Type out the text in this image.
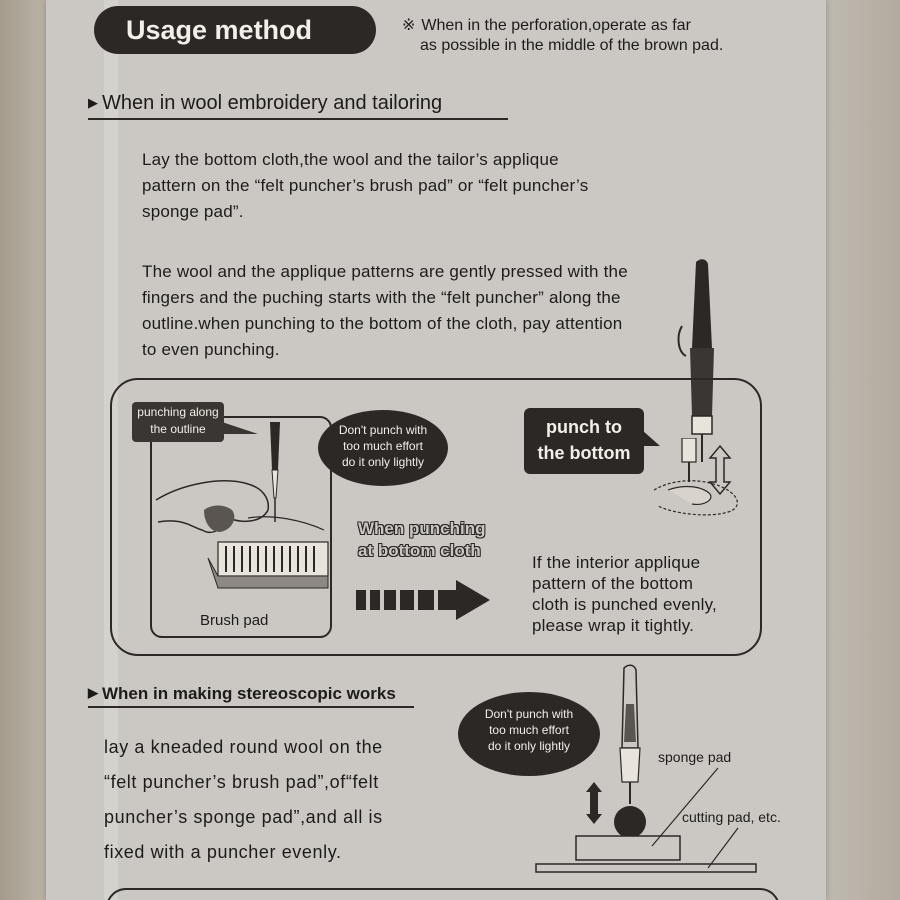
Usage method	※ When in the perforation,operate as far
as possible in the middle of the brown pad.
▶ When in wool embroidery and tailoring
Lay the bottom cloth,the wool and the tailor’s applique
pattern on the “felt puncher’s brush pad” or “felt puncher’s
sponge pad”.
The wool and the applique patterns are gently pressed with the
fingers and the puching starts with the “felt puncher” along the
outline.when punching to the bottom of the cloth, pay attention
to even punching.
punching along
the outline
Brush pad
Don't punch with
too much effort
do it only lightly
When punching
at bottom cloth
punch to
the bottom
If the interior applique
pattern of the bottom
cloth is punched evenly,
please wrap it tightly.
▶ When in making stereoscopic works
lay a kneaded round wool on the
“felt puncher’s brush pad”,of“felt
puncher’s sponge pad”,and all is
fixed with a puncher evenly.
Don't punch with
too much effort
do it only lightly
sponge pad
cutting pad, etc.
